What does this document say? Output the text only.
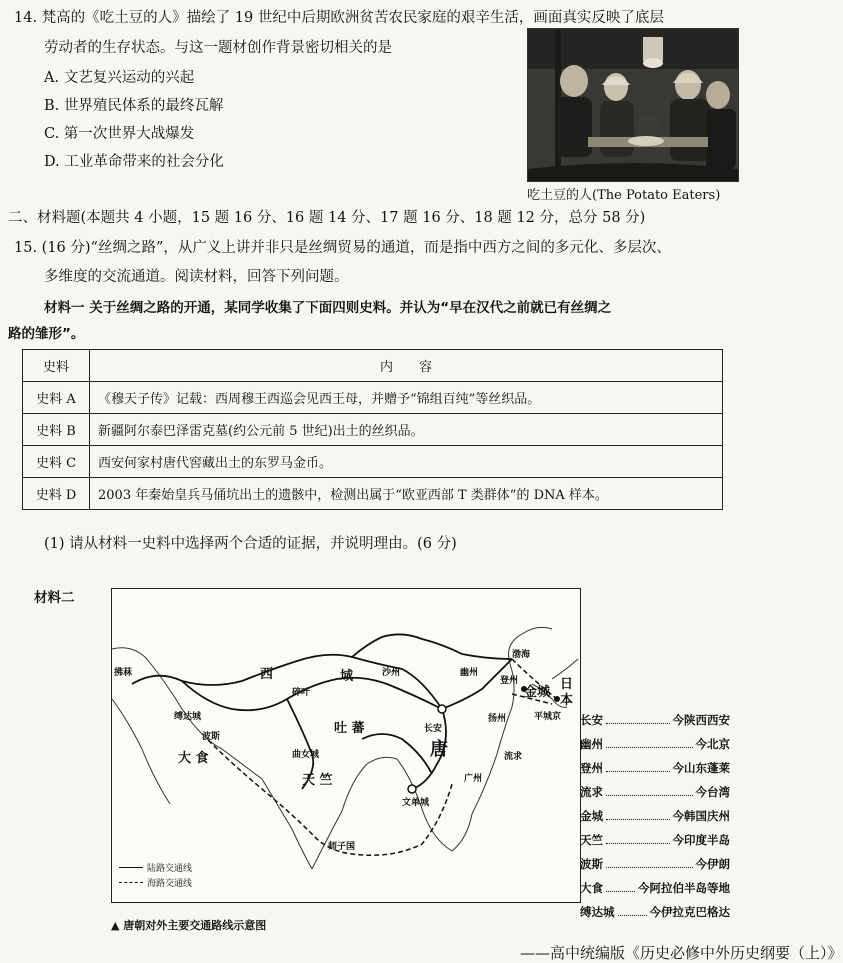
14. 梵高的《吃土豆的人》描绘了 19 世纪中后期欧洲贫苦农民家庭的艰辛生活，画面真实反映了底层
劳动者的生存状态。与这一题材创作背景密切相关的是
A. 文艺复兴运动的兴起
B. 世界殖民体系的最终瓦解
C. 第一次世界大战爆发
D. 工业革命带来的社会分化
吃土豆的人(The Potato Eaters)
二、材料题(本题共 4 小题，15 题 16 分、16 题 14 分、17 题 16 分、18 题 12 分，总分 58 分)
15. (16 分)“丝绸之路”，从广义上讲并非只是丝绸贸易的通道，而是指中西方之间的多元化、多层次、
多维度的交流通道。阅读材料，回答下列问题。
材料一 关于丝绸之路的开通，某同学收集了下面四则史料。并认为“早在汉代之前就已有丝绸之
路的雏形”。
史料	内　　容
史料 A	《穆天子传》记载：西周穆王西巡会见西王母，并赠予“锦组百纯”等丝织品。
史料 B	新疆阿尔泰巴泽雷克墓(约公元前 5 世纪)出土的丝织品。
史料 C	西安何家村唐代窖藏出土的东罗马金币。
史料 D	2003 年秦始皇兵马俑坑出土的遗骸中，检测出属于“欧亚西部 T 类群体”的 DNA 样本。
(1) 请从材料一史料中选择两个合适的证据，并说明理由。(6 分)
材料二
拂菻
缚达城
波斯
大 食
西	域
碎叶
沙州
吐 蕃
曲女城
天 竺
长安
唐
幽州
渤海
登州
金城
平城京
日
本
扬州
广州
流求
文单城
师子国
陆路交通线
海路交通线
长安	今陕西西安
幽州	今北京
登州	今山东蓬莱
流求	今台湾
金城	今韩国庆州
天竺	今印度半岛
波斯	今伊朗
大食	今阿拉伯半岛等地
缚达城	今伊拉克巴格达
▲ 唐朝对外主要交通路线示意图
——高中统编版《历史必修中外历史纲要（上）》
